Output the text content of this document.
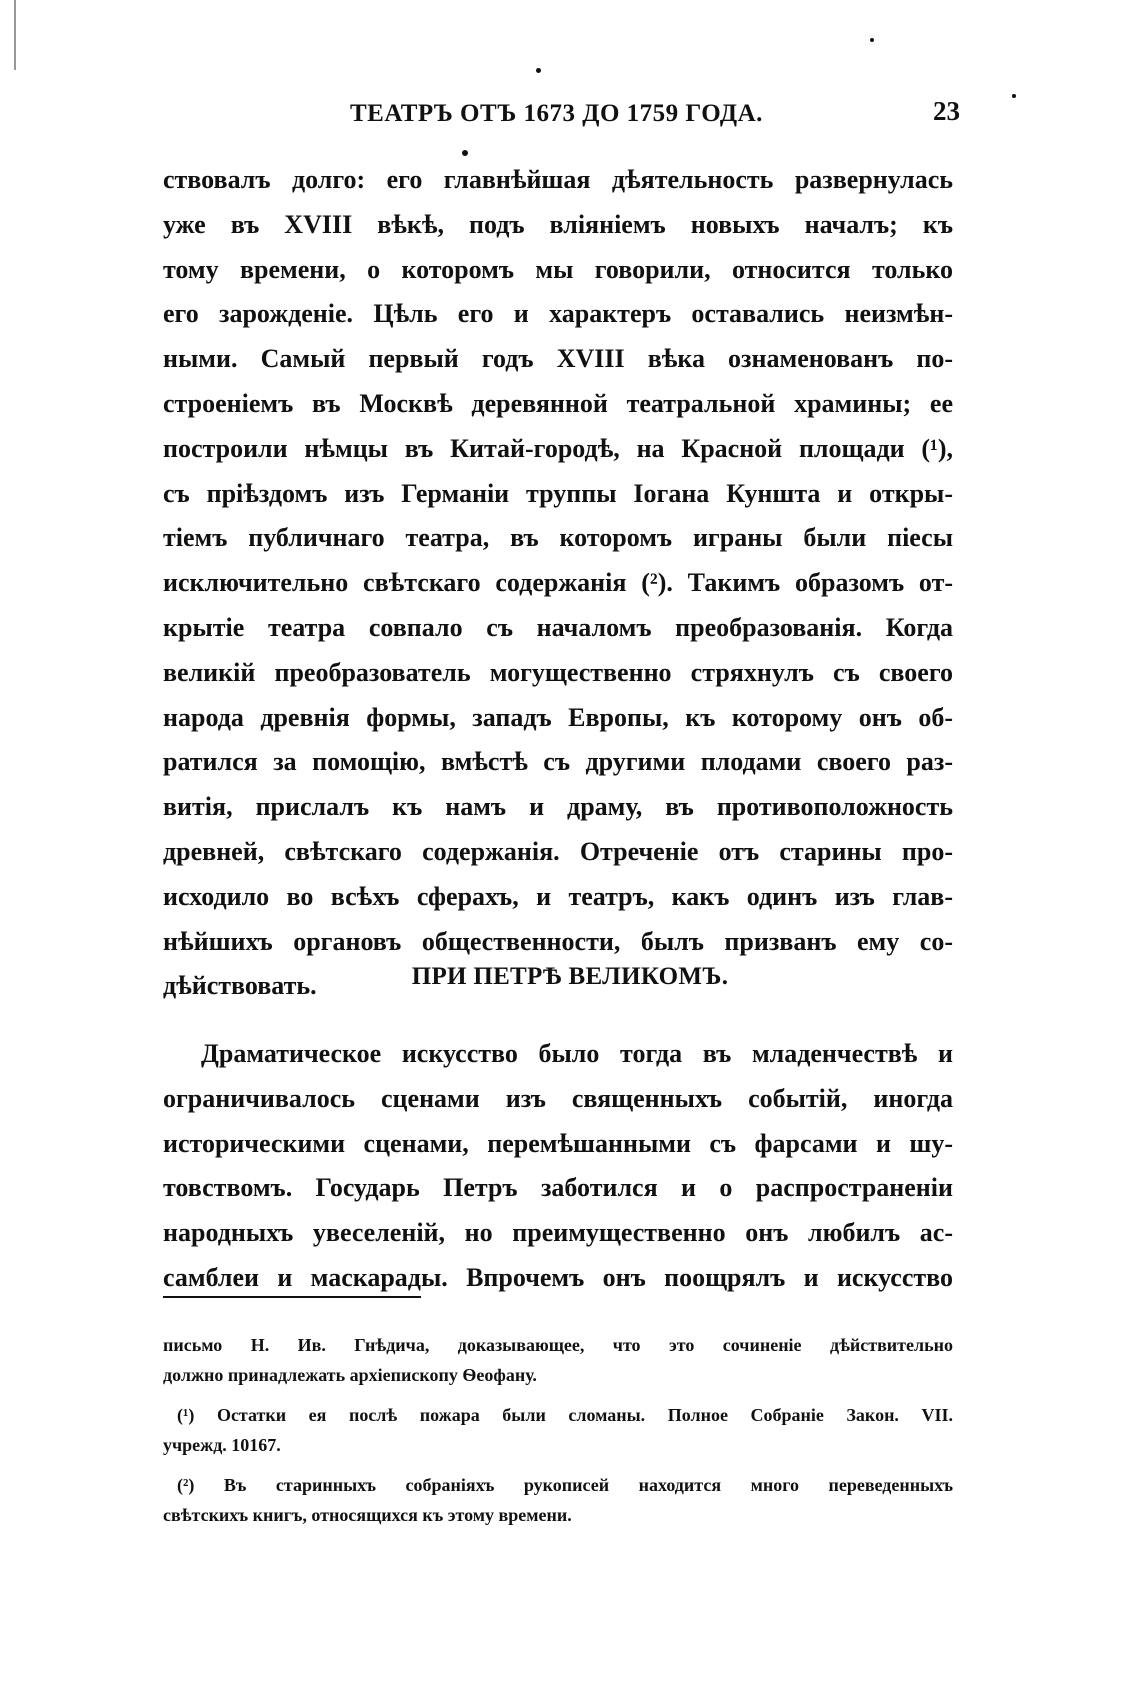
ТЕАТРЪ ОТЪ 1673 ДО 1759 ГОДА.	23
ствовалъ долго: его главнѣйшая дѣятельность развернулась
уже въ XVIII вѣкѣ, подъ вліяніемъ новыхъ началъ; къ
тому времени, о которомъ мы говорили, относится только
его зарожденіе. Цѣль его и характеръ оставались неизмѣн-
ными. Самый первый годъ XVIII вѣка ознаменованъ по-
строеніемъ въ Москвѣ деревянной театральной храмины; ее
построили нѣмцы въ Китай-городѣ, на Красной площади (¹),
съ пріѣздомъ изъ Германіи труппы Іогана Куншта и откры-
тіемъ публичнаго театра, въ которомъ играны были піесы
исключительно свѣтскаго содержанія (²). Такимъ образомъ от-
крытіе театра совпало съ началомъ преобразованія. Когда
великій преобразователь могущественно стряхнулъ съ своего
народа древнія формы, западъ Европы, къ которому онъ об-
ратился за помощію, вмѣстѣ съ другими плодами своего раз-
витія, прислалъ къ намъ и драму, въ противоположность
древней, свѣтскаго содержанія. Отреченіе отъ старины про-
исходило во всѣхъ сферахъ, и театръ, какъ одинъ изъ глав-
нѣйшихъ органовъ общественности, былъ призванъ ему со-
дѣйствовать.	ПРИ ПЕТРѢ ВЕЛИКОМЪ.
Драматическое искусство было тогда въ младенчествѣ и
ограничивалось сценами изъ священныхъ событій, иногда
историческими сценами, перемѣшанными съ фарсами и шу-
товствомъ. Государь Петръ заботился и о распространеніи
народныхъ увеселеній, но преимущественно онъ любилъ ас-
самблеи и маскарады. Впрочемъ онъ поощрялъ и искусство
письмо Н. Ив. Гнѣдича, доказывающее, что это сочиненіе дѣйствительно
должно принадлежать архіепископу Ѳеофану.
(¹) Остатки ея послѣ пожара были сломаны. Полное Собраніе Закон. VII.
учрежд. 10167.
(²) Въ старинныхъ собраніяхъ рукописей находится много переведенныхъ
свѣтскихъ книгъ, относящихся къ этому времени.
